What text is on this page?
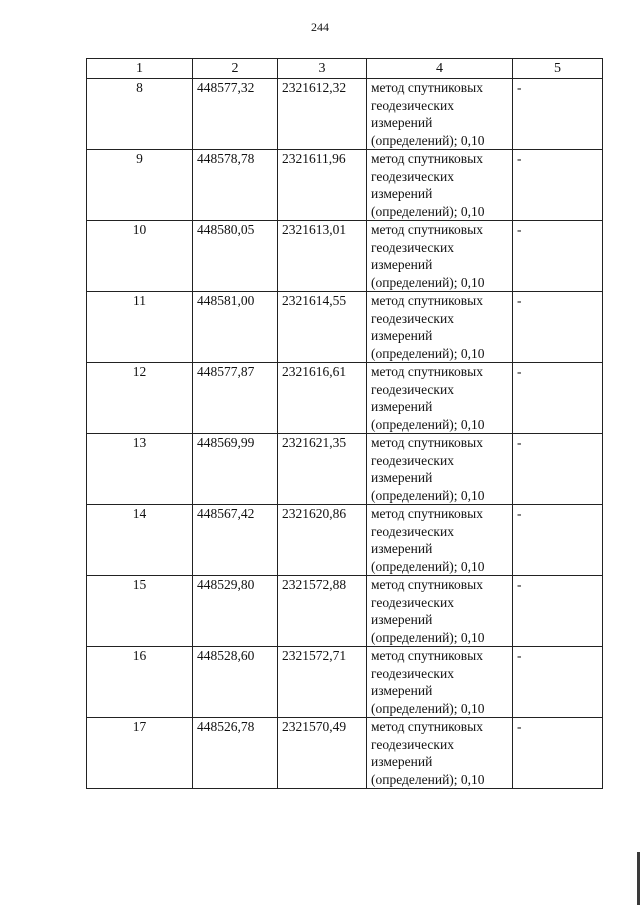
244
1	2	3	4	5
8	448577,32	2321612,32	метод спутниковых
геодезических
измерений
(определений); 0,10	-
9	448578,78	2321611,96	метод спутниковых
геодезических
измерений
(определений); 0,10	-
10	448580,05	2321613,01	метод спутниковых
геодезических
измерений
(определений); 0,10	-
11	448581,00	2321614,55	метод спутниковых
геодезических
измерений
(определений); 0,10	-
12	448577,87	2321616,61	метод спутниковых
геодезических
измерений
(определений); 0,10	-
13	448569,99	2321621,35	метод спутниковых
геодезических
измерений
(определений); 0,10	-
14	448567,42	2321620,86	метод спутниковых
геодезических
измерений
(определений); 0,10	-
15	448529,80	2321572,88	метод спутниковых
геодезических
измерений
(определений); 0,10	-
16	448528,60	2321572,71	метод спутниковых
геодезических
измерений
(определений); 0,10	-
17	448526,78	2321570,49	метод спутниковых
геодезических
измерений
(определений); 0,10	-
